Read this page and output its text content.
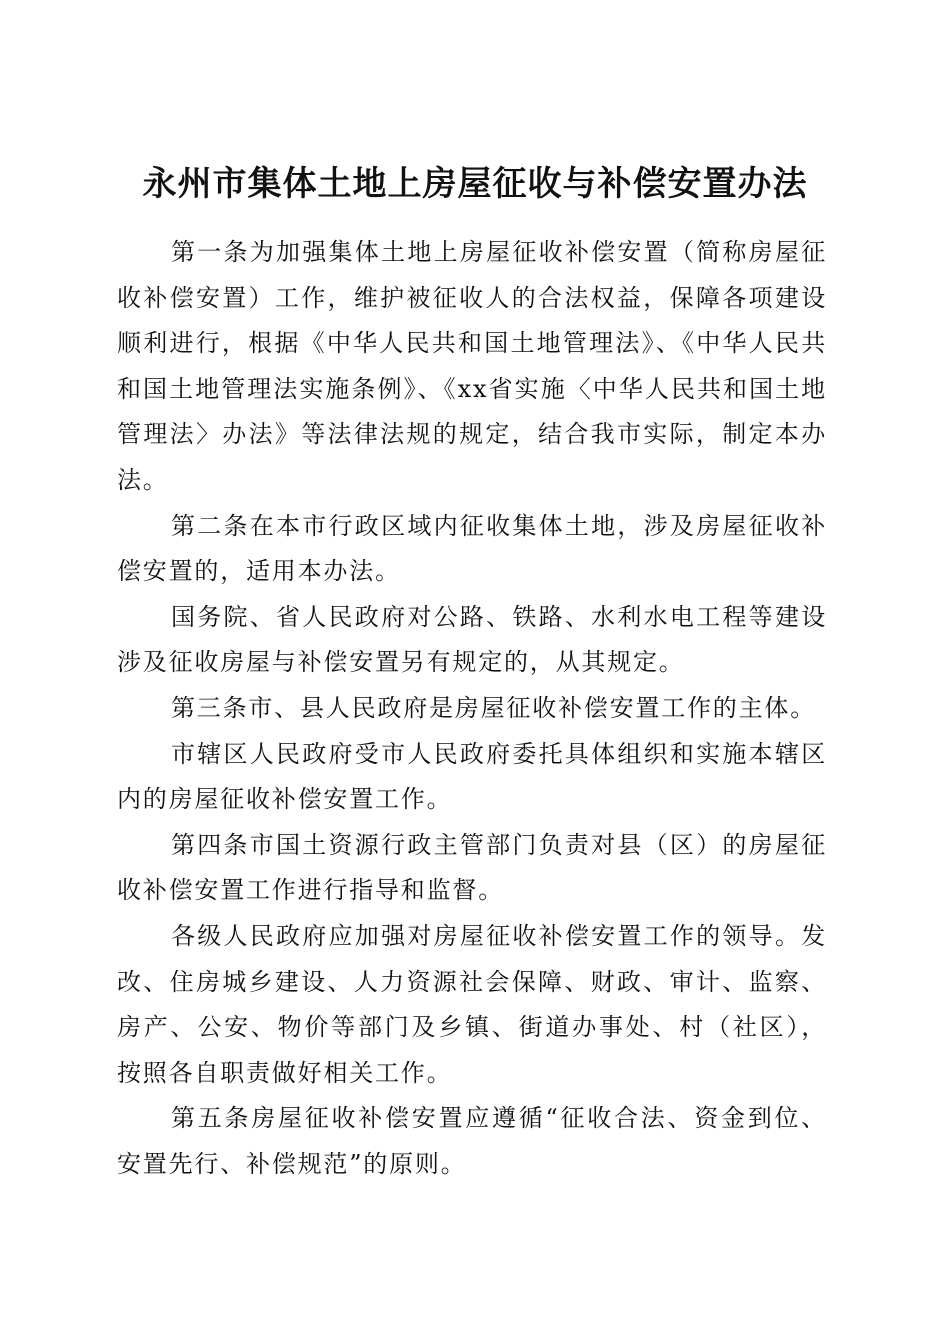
永州市集体土地上房屋征收与补偿安置办法

第一条为加强集体土地上房屋征收补偿安置（简称房屋征收补偿安置）工作，维护被征收人的合法权益，保障各项建设顺利进行，根据《中华人民共和国土地管理法》、《中华人民共和国土地管理法实施条例》、《xx省实施〈中华人民共和国土地管理法〉办法》等法律法规的规定，结合我市实际，制定本办法。

第二条在本市行政区域内征收集体土地，涉及房屋征收补偿安置的，适用本办法。

国务院、省人民政府对公路、铁路、水利水电工程等建设涉及征收房屋与补偿安置另有规定的，从其规定。

第三条市、县人民政府是房屋征收补偿安置工作的主体。

市辖区人民政府受市人民政府委托具体组织和实施本辖区内的房屋征收补偿安置工作。

第四条市国土资源行政主管部门负责对县（区）的房屋征收补偿安置工作进行指导和监督。

各级人民政府应加强对房屋征收补偿安置工作的领导。发改、住房城乡建设、人力资源社会保障、财政、审计、监察、房产、公安、物价等部门及乡镇、街道办事处、村（社区），按照各自职责做好相关工作。

第五条房屋征收补偿安置应遵循“征收合法、资金到位、安置先行、补偿规范”的原则。
